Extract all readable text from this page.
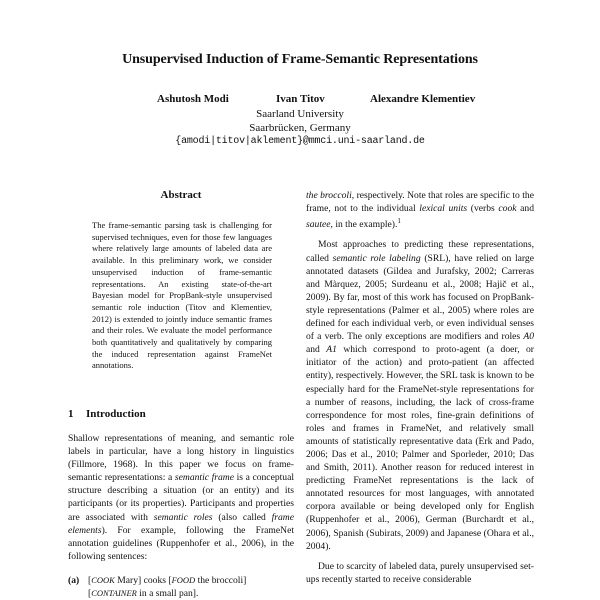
Unsupervised Induction of Frame-Semantic Representations
Ashutosh Modi	Ivan Titov	Alexandre Klementiev
Saarland University
Saarbrücken, Germany
{amodi|titov|aklement}@mmci.uni-saarland.de
Abstract
The frame-semantic parsing task is challenging for supervised techniques, even for those few languages where relatively large amounts of labeled data are available. In this preliminary work, we consider unsupervised induction of frame-semantic representations. An existing state-of-the-art Bayesian model for PropBank-style unsupervised semantic role induction (Titov and Klementiev, 2012) is extended to jointly induce semantic frames and their roles. We evaluate the model performance both quantitatively and qualitatively by comparing the induced representation against FrameNet annotations.
1 Introduction
Shallow representations of meaning, and semantic role labels in particular, have a long history in linguistics (Fillmore, 1968). In this paper we focus on frame-semantic representations: a semantic frame is a conceptual structure describing a situation (or an entity) and its participants (or its properties). Participants and properties are associated with semantic roles (also called frame elements). For example, following the FrameNet annotation guidelines (Ruppenhofer et al., 2006), in the following sentences:
(a) [COOK Mary] cooks [FOOD the broccoli]
[CONTAINER in a small pan].

the broccoli, respectively. Note that roles are specific to the frame, not to the individual lexical units (verbs cook and sautee, in the example).$^1$

Most approaches to predicting these representations, called semantic role labeling (SRL), have relied on large annotated datasets (Gildea and Jurafsky, 2002; Carreras and Màrquez, 2005; Surdeanu et al., 2008; Hajič et al., 2009). By far, most of this work has focused on PropBank-style representations (Palmer et al., 2005) where roles are defined for each individual verb, or even individual senses of a verb. The only exceptions are modifiers and roles A0 and A1 which correspond to proto-agent (a doer, or initiator of the action) and proto-patient (an affected entity), respectively. However, the SRL task is known to be especially hard for the FrameNet-style representations for a number of reasons, including, the lack of cross-frame correspondence for most roles, fine-grain definitions of roles and frames in FrameNet, and relatively small amounts of statistically representative data (Erk and Pado, 2006; Das et al., 2010; Palmer and Sporleder, 2010; Das and Smith, 2011). Another reason for reduced interest in predicting FrameNet representations is the lack of annotated resources for most languages, with annotated corpora available or being developed only for English (Ruppenhofer et al., 2006), German (Burchardt et al., 2006), Spanish (Subirats, 2009) and Japanese (Ohara et al., 2004).

Due to scarcity of labeled data, purely unsupervised set-ups recently started to receive considerable
